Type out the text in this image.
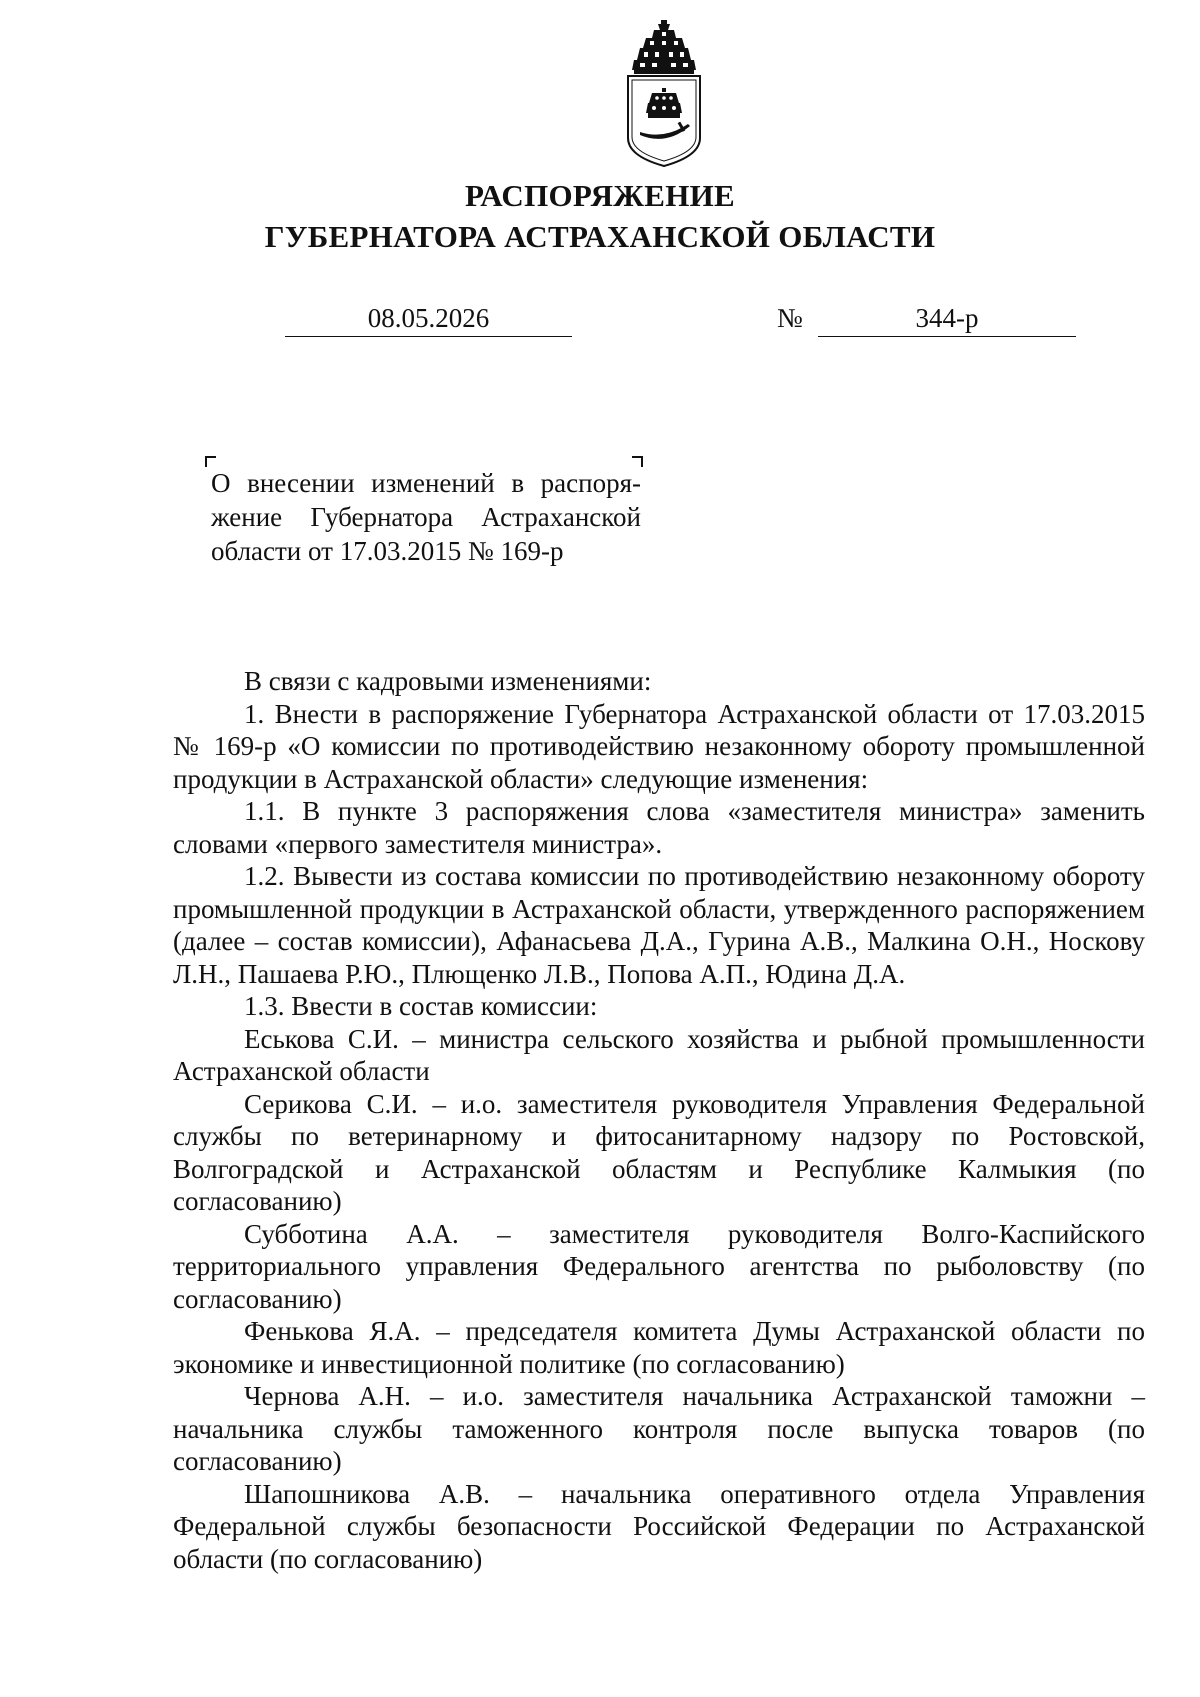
РАСПОРЯЖЕНИЕ
ГУБЕРНАТОРА АСТРАХАНСКОЙ ОБЛАСТИ
08.05.2026	№	344-р
О внесении изменений в распоря-
жение Губернатора Астраханской
области от 17.03.2015 № 169-р

В связи с кадровыми изменениями:

1. Внести в распоряжение Губернатора Астраханской области от 17.03.2015 № 169-р «О комиссии по противодействию незаконному обороту промышленной продукции в Астраханской области» следующие изменения:

1.1. В пункте 3 распоряжения слова «заместителя министра» заменить словами «первого заместителя министра».

1.2. Вывести из состава комиссии по противодействию незаконному обороту промышленной продукции в Астраханской области, утвержденного распоряжением (далее – состав комиссии), Афанасьева Д.А., Гурина А.В., Малкина О.Н., Носкову Л.Н., Пашаева Р.Ю., Плющенко Л.В., Попова А.П., Юдина Д.А.

1.3. Ввести в состав комиссии:

Еськова С.И. – министра сельского хозяйства и рыбной промышленности Астраханской области

Серикова С.И. – и.о. заместителя руководителя Управления Федеральной службы по ветеринарному и фитосанитарному надзору по Ростовской, Волгоградской и Астраханской областям и Республике Калмыкия (по согласованию)

Субботина А.А. – заместителя руководителя Волго-Каспийского территориального управления Федерального агентства по рыболовству (по согласованию)

Фенькова Я.А. – председателя комитета Думы Астраханской области по экономике и инвестиционной политике (по согласованию)

Чернова А.Н. – и.о. заместителя начальника Астраханской таможни – начальника службы таможенного контроля после выпуска товаров (по согласованию)

Шапошникова А.В. – начальника оперативного отдела Управления Федеральной службы безопасности Российской Федерации по Астраханской области (по согласованию)
